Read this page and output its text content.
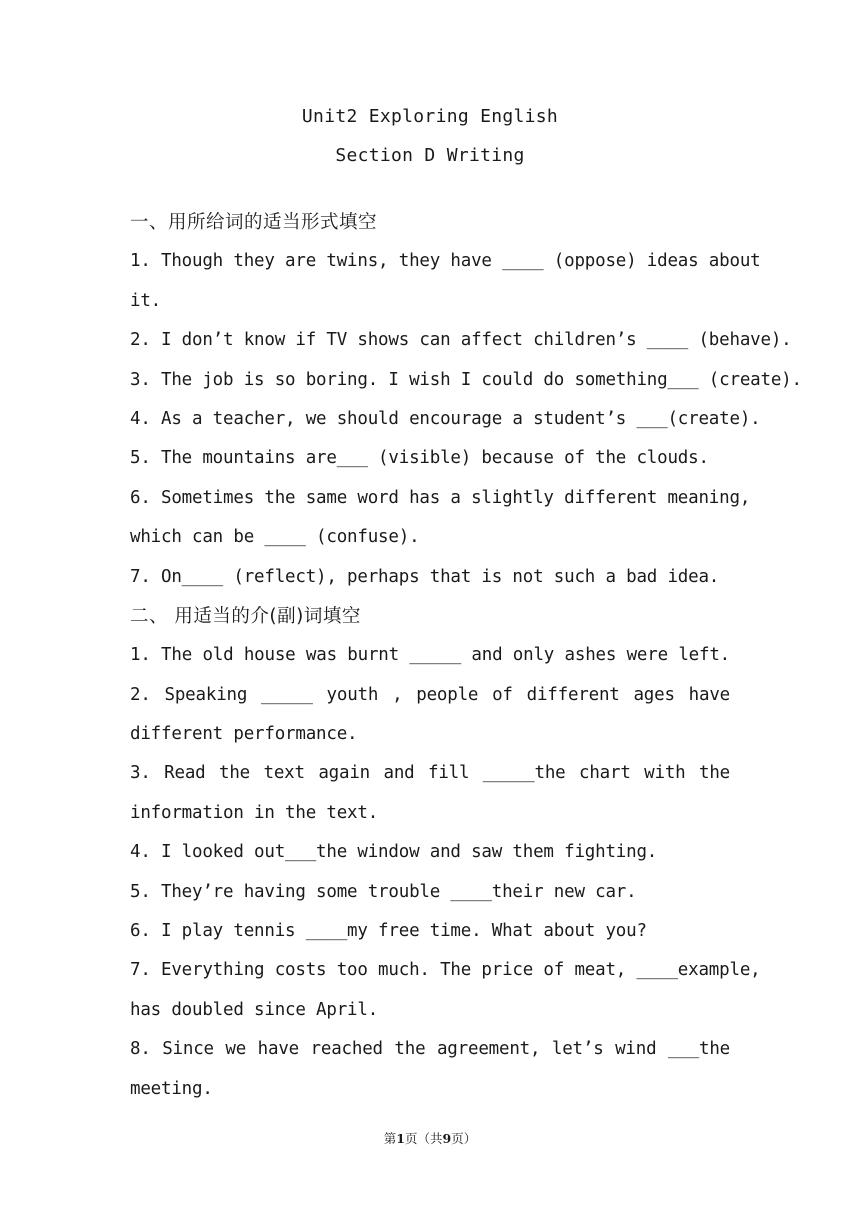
Unit2 Exploring English
Section D Writing
一、用所给词的适当形式填空
1. Though they are twins, they have ____ (oppose) ideas about
it.
2. I don’t know if TV shows can affect children’s ____ (behave).
3. The job is so boring. I wish I could do something___ (create).
4. As a teacher, we should encourage a student’s ___(create).
5. The mountains are___ (visible) because of the clouds.
6. Sometimes the same word has a slightly different meaning,
which can be ____ (confuse).
7. On____ (reflect), perhaps that is not such a bad idea.
二、 用适当的介(副)词填空
1. The old house was burnt _____ and only ashes were left.
2. Speaking _____ youth , people of different ages have
different performance.
3. Read the text again and fill _____the chart with the
information in the text.
4. I looked out___the window and saw them fighting.
5. They’re having some trouble ____their new car.
6. I play tennis ____my free time. What about you?
7. Everything costs too much. The price of meat, ____example,
has doubled since April.
8. Since we have reached the agreement, let’s wind ___the
meeting.
第1页（共9页）
